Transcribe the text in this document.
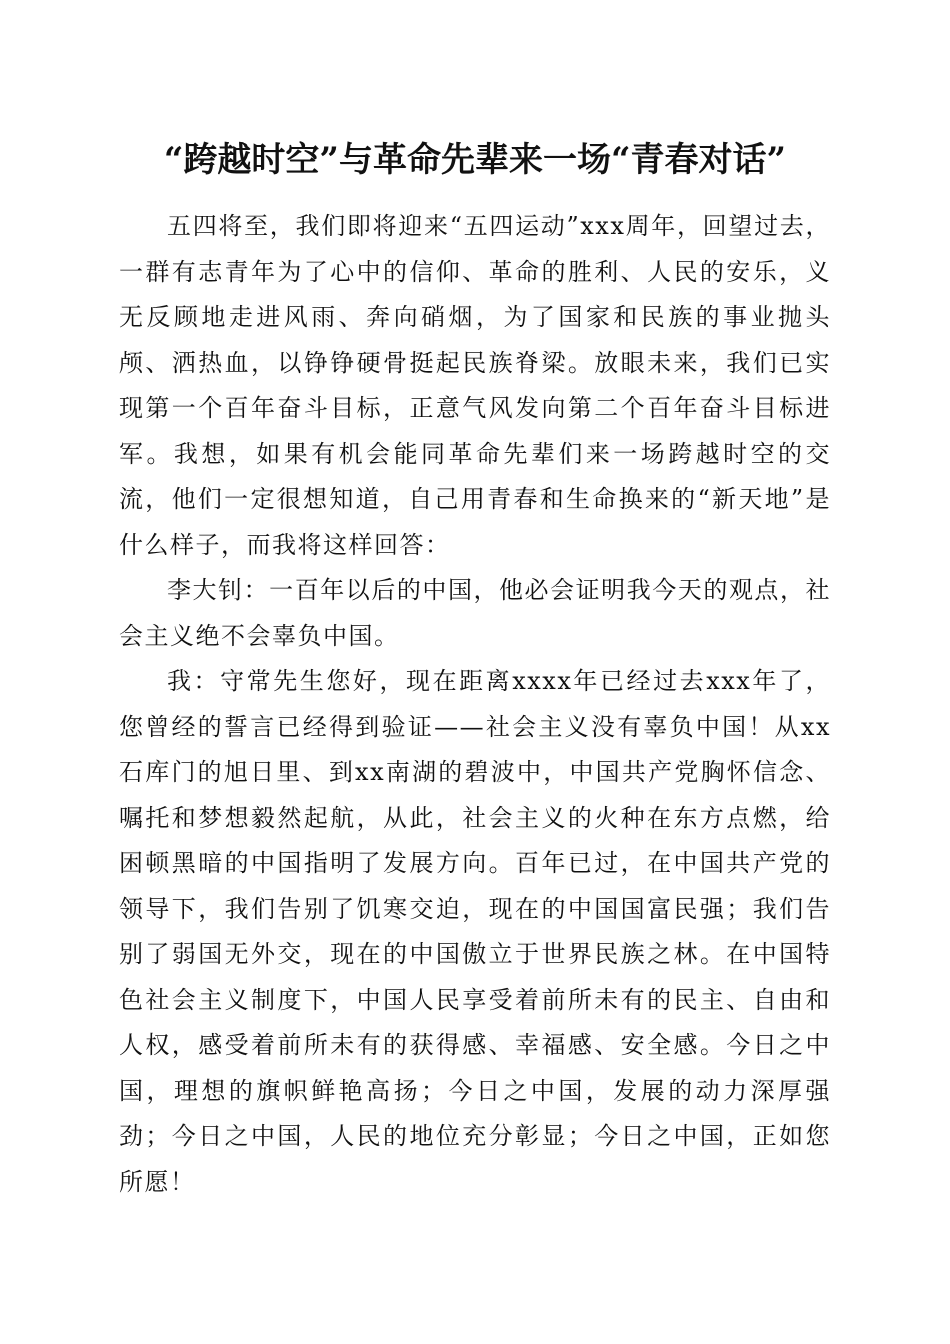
“跨越时空”与革命先辈来一场“青春对话”

五四将至，我们即将迎来“五四运动”xxx周年，回望过去，一群有志青年为了心中的信仰、革命的胜利、人民的安乐，义无反顾地走进风雨、奔向硝烟，为了国家和民族的事业抛头颅、洒热血，以铮铮硬骨挺起民族脊梁。放眼未来，我们已实现第一个百年奋斗目标，正意气风发向第二个百年奋斗目标进军。我想，如果有机会能同革命先辈们来一场跨越时空的交流，他们一定很想知道，自己用青春和生命换来的“新天地”是什么样子，而我将这样回答：

李大钊：一百年以后的中国，他必会证明我今天的观点，社会主义绝不会辜负中国。

我：守常先生您好，现在距离xxxx年已经过去xxx年了，您曾经的誓言已经得到验证——社会主义没有辜负中国！从xx石库门的旭日里、到xx南湖的碧波中，中国共产党胸怀信念、嘱托和梦想毅然起航，从此，社会主义的火种在东方点燃，给困顿黑暗的中国指明了发展方向。百年已过，在中国共产党的领导下，我们告别了饥寒交迫，现在的中国国富民强；我们告别了弱国无外交，现在的中国傲立于世界民族之林。在中国特色社会主义制度下，中国人民享受着前所未有的民主、自由和人权，感受着前所未有的获得感、幸福感、安全感。今日之中国，理想的旗帜鲜艳高扬；今日之中国，发展的动力深厚强劲；今日之中国，人民的地位充分彰显；今日之中国，正如您所愿！
